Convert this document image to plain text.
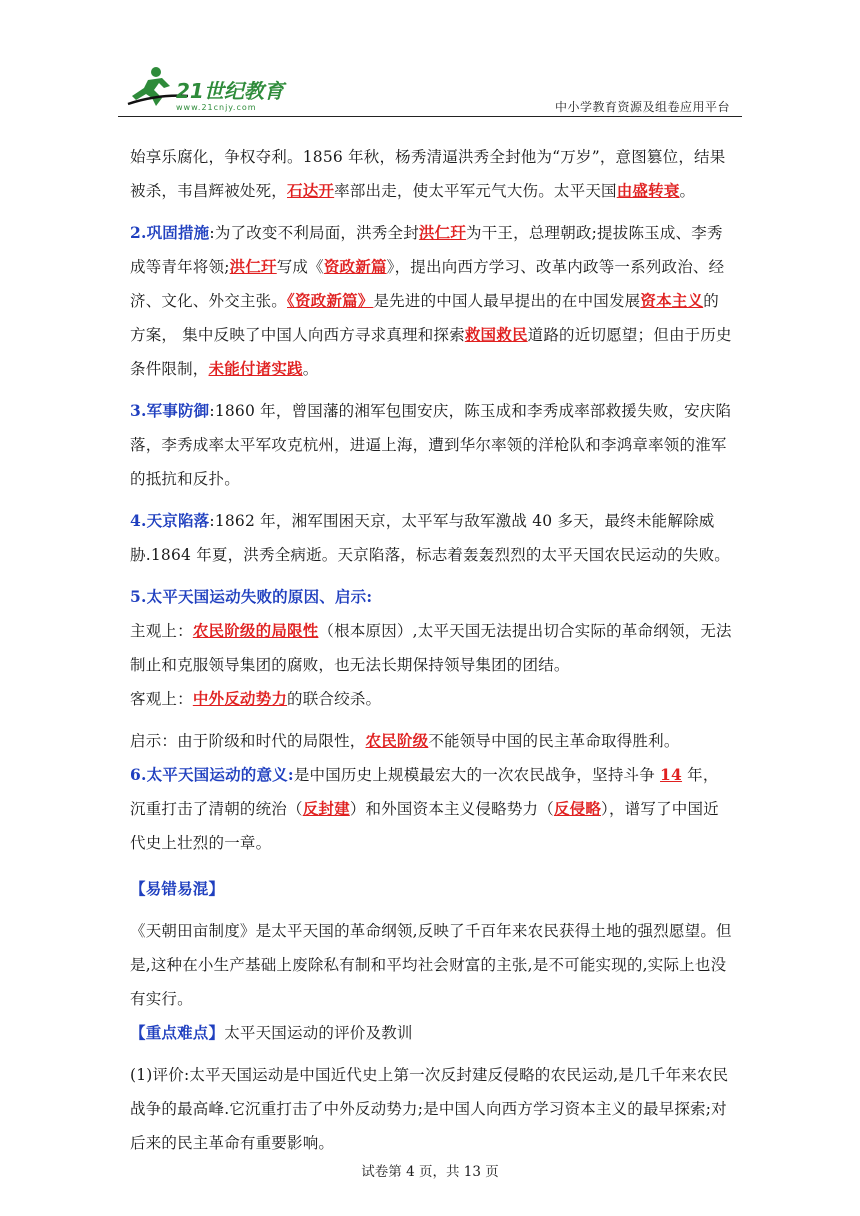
21世纪教育
www.21cnjy.com	中小学教育资源及组卷应用平台

始享乐腐化，争权夺利。1856 年秋，杨秀清逼洪秀全封他为“万岁”，意图篡位，结果被杀，韦昌辉被处死，石达开率部出走，使太平军元气大伤。太平天国由盛转衰。

2.巩固措施:为了改变不利局面，洪秀全封洪仁玕为干王，总理朝政;提拔陈玉成、李秀成等青年将领;洪仁玕写成《资政新篇》，提出向西方学习、改革内政等一系列政治、经济、文化、外交主张。《资政新篇》是先进的中国人最早提出的在中国发展资本主义的方案， 集中反映了中国人向西方寻求真理和探索救国救民道路的近切愿望；但由于历史条件限制，未能付诸实践。

3.军事防御:1860 年，曾国藩的湘军包围安庆，陈玉成和李秀成率部救援失败，安庆陷落，李秀成率太平军攻克杭州，进逼上海，遭到华尔率领的洋枪队和李鸿章率领的淮军的抵抗和反扑。

4.天京陷落:1862 年，湘军围困天京，太平军与敌军激战 40 多天，最终未能解除威胁.1864 年夏，洪秀全病逝。天京陷落，标志着轰轰烈烈的太平天国农民运动的失败。

5.太平天国运动失败的原因、启示:

主观上：农民阶级的局限性（根本原因）,太平天国无法提出切合实际的革命纲领，无法制止和克服领导集团的腐败，也无法长期保持领导集团的团结。

客观上：中外反动势力的联合绞杀。

启示：由于阶级和时代的局限性，农民阶级不能领导中国的民主革命取得胜利。

6.太平天国运动的意义:是中国历史上规模最宏大的一次农民战争，坚持斗争 14 年，沉重打击了清朝的统治（反封建）和外国资本主义侵略势力（反侵略），谱写了中国近代史上壮烈的一章。

【易错易混】

《天朝田亩制度》是太平天国的革命纲领,反映了千百年来农民获得土地的强烈愿望。但是,这种在小生产基础上废除私有制和平均社会财富的主张,是不可能实现的,实际上也没有实行。

【重点难点】太平天国运动的评价及教训

(1)评价:太平天国运动是中国近代史上第一次反封建反侵略的农民运动,是几千年来农民战争的最高峰.它沉重打击了中外反动势力;是中国人向西方学习资本主义的最早探索;对后来的民主革命有重要影响。

试卷第 4 页，共 13 页
